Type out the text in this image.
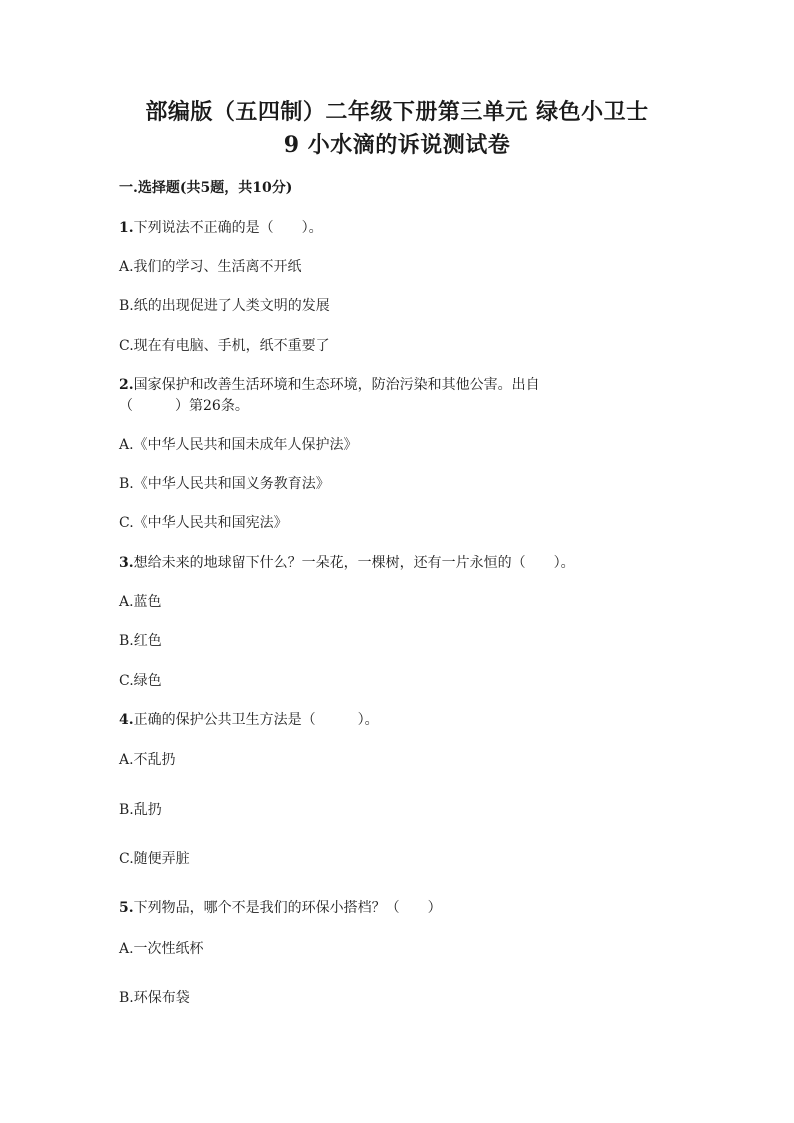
部编版（五四制）二年级下册第三单元 绿色小卫士
9 小水滴的诉说测试卷
一.选择题(共5题，共10分)
1.下列说法不正确的是（　　）。
A.我们的学习、生活离不开纸
B.纸的出现促进了人类文明的发展
C.现在有电脑、手机，纸不重要了
2.国家保护和改善生活环境和生态环境，防治污染和其他公害。出自
（　　　）第26条。
A.《中华人民共和国未成年人保护法》
B.《中华人民共和国义务教育法》
C.《中华人民共和国宪法》
3.想给未来的地球留下什么？一朵花，一棵树，还有一片永恒的（　　）。
A.蓝色
B.红色
C.绿色
4.正确的保护公共卫生方法是（　　　）。
A.不乱扔
B.乱扔
C.随便弄脏
5.下列物品，哪个不是我们的环保小搭档？（　　）
A.一次性纸杯
B.环保布袋
